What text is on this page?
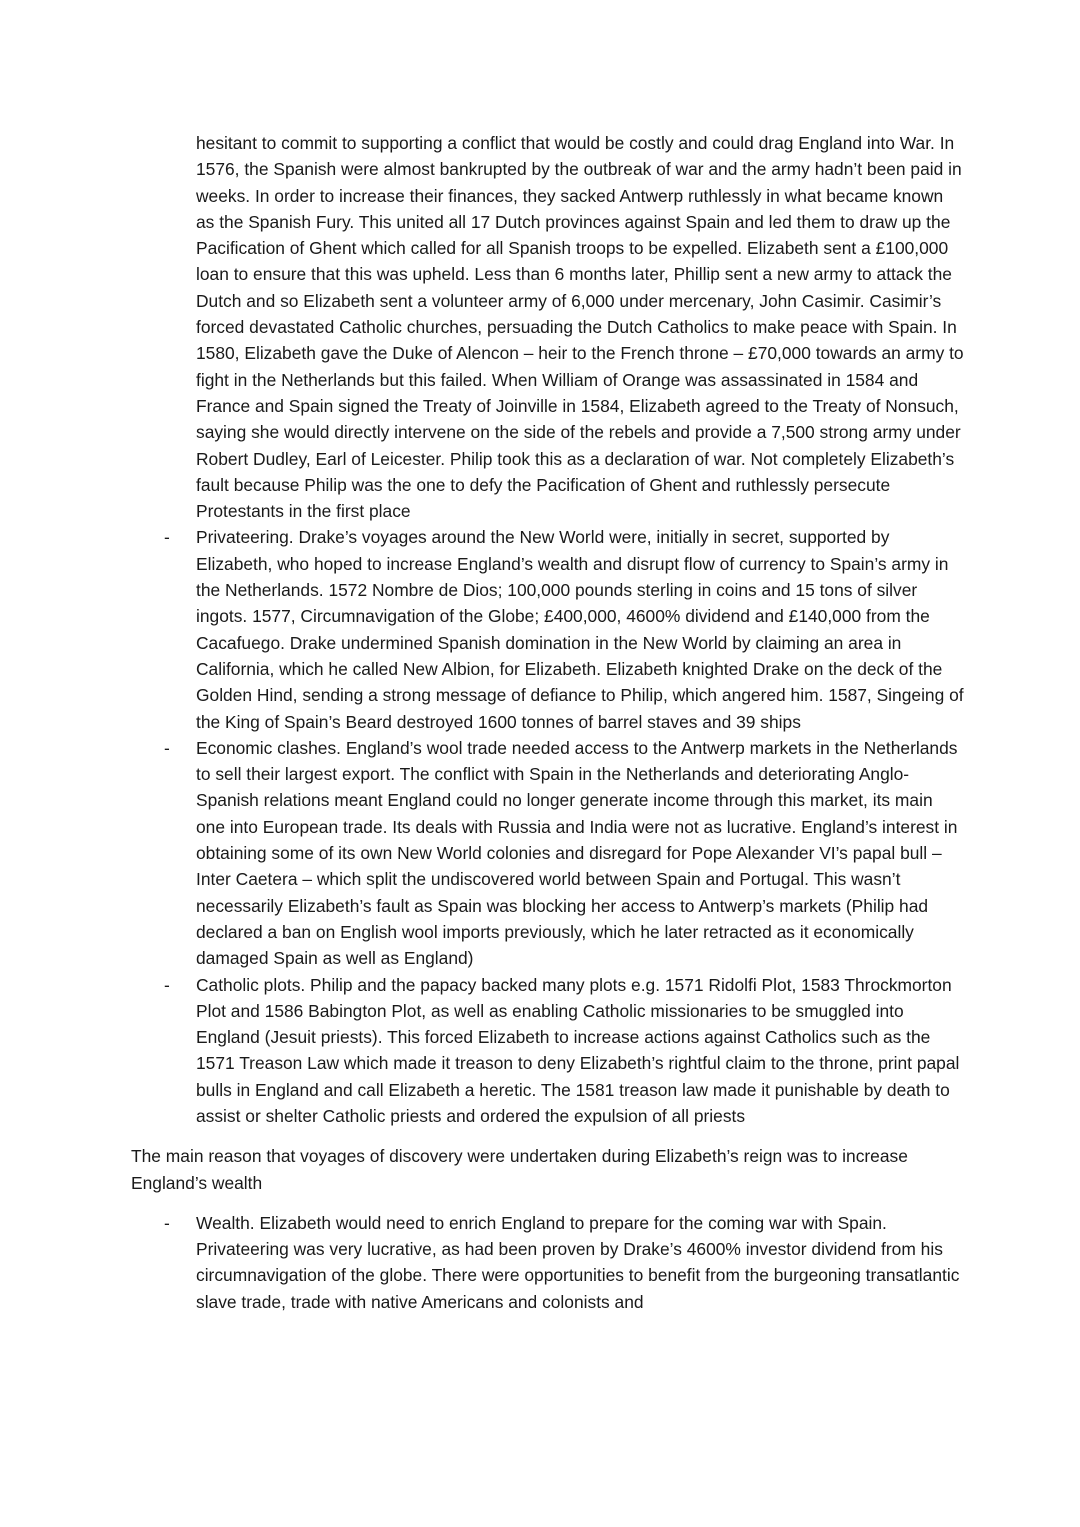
hesitant to commit to supporting a conflict that would be costly and could drag England into War. In 1576, the Spanish were almost bankrupted by the outbreak of war and the army hadn’t been paid in weeks. In order to increase their finances, they sacked Antwerp ruthlessly in what became known as the Spanish Fury. This united all 17 Dutch provinces against Spain and led them to draw up the Pacification of Ghent which called for all Spanish troops to be expelled. Elizabeth sent a £100,000 loan to ensure that this was upheld. Less than 6 months later, Phillip sent a new army to attack the Dutch and so Elizabeth sent a volunteer army of 6,000 under mercenary, John Casimir. Casimir’s forced devastated Catholic churches, persuading the Dutch Catholics to make peace with Spain. In 1580, Elizabeth gave the Duke of Alencon – heir to the French throne – £70,000 towards an army to fight in the Netherlands but this failed. When William of Orange was assassinated in 1584 and France and Spain signed the Treaty of Joinville in 1584, Elizabeth agreed to the Treaty of Nonsuch, saying she would directly intervene on the side of the rebels and provide a 7,500 strong army under Robert Dudley, Earl of Leicester. Philip took this as a declaration of war. Not completely Elizabeth’s fault because Philip was the one to defy the Pacification of Ghent and ruthlessly persecute Protestants in the first place

-	Privateering. Drake’s voyages around the New World were, initially in secret, supported by Elizabeth, who hoped to increase England’s wealth and disrupt flow of currency to Spain’s army in the Netherlands. 1572 Nombre de Dios; 100,000 pounds sterling in coins and 15 tons of silver ingots. 1577, Circumnavigation of the Globe; £400,000, 4600% dividend and £140,000 from the Cacafuego. Drake undermined Spanish domination in the New World by claiming an area in California, which he called New Albion, for Elizabeth. Elizabeth knighted Drake on the deck of the Golden Hind, sending a strong message of defiance to Philip, which angered him. 1587, Singeing of the King of Spain’s Beard destroyed 1600 tonnes of barrel staves and 39 ships

-	Economic clashes. England’s wool trade needed access to the Antwerp markets in the Netherlands to sell their largest export. The conflict with Spain in the Netherlands and deteriorating Anglo-Spanish relations meant England could no longer generate income through this market, its main one into European trade. Its deals with Russia and India were not as lucrative. England’s interest in obtaining some of its own New World colonies and disregard for Pope Alexander VI’s papal bull – Inter Caetera – which split the undiscovered world between Spain and Portugal. This wasn’t necessarily Elizabeth’s fault as Spain was blocking her access to Antwerp’s markets (Philip had declared a ban on English wool imports previously, which he later retracted as it economically damaged Spain as well as England)

-	Catholic plots. Philip and the papacy backed many plots e.g. 1571 Ridolfi Plot, 1583 Throckmorton Plot and 1586 Babington Plot, as well as enabling Catholic missionaries to be smuggled into England (Jesuit priests). This forced Elizabeth to increase actions against Catholics such as the 1571 Treason Law which made it treason to deny Elizabeth’s rightful claim to the throne, print papal bulls in England and call Elizabeth a heretic. The 1581 treason law made it punishable by death to assist or shelter Catholic priests and ordered the expulsion of all priests

The main reason that voyages of discovery were undertaken during Elizabeth’s reign was to increase England’s wealth

-	Wealth. Elizabeth would need to enrich England to prepare for the coming war with Spain. Privateering was very lucrative, as had been proven by Drake’s 4600% investor dividend from his circumnavigation of the globe. There were opportunities to benefit from the burgeoning transatlantic slave trade, trade with native Americans and colonists and
